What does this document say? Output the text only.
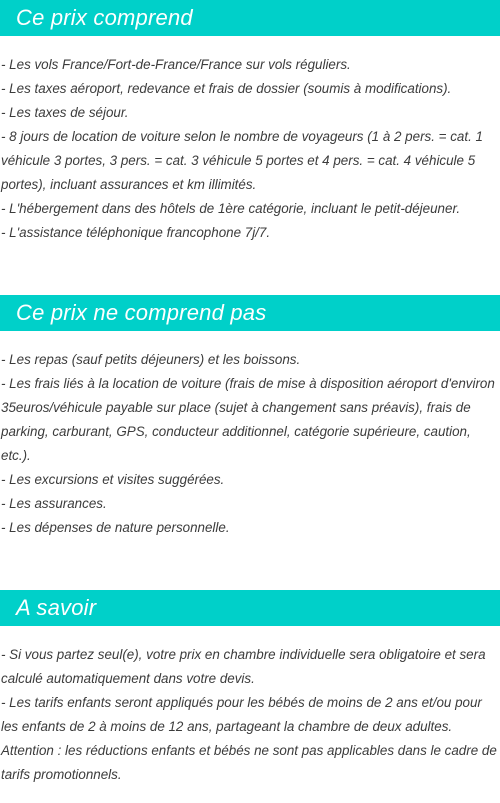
Ce prix comprend
- Les vols France/Fort-de-France/France sur vols réguliers.
- Les taxes aéroport, redevance et frais de dossier (soumis à modifications).
- Les taxes de séjour.
- 8 jours de location de voiture selon le nombre de voyageurs (1 à 2 pers. = cat. 1 véhicule 3 portes, 3 pers. = cat. 3 véhicule 5 portes et 4 pers. = cat. 4 véhicule 5 portes), incluant assurances et km illimités.
- L'hébergement dans des hôtels de 1ère catégorie, incluant le petit-déjeuner.
- L'assistance téléphonique francophone 7j/7.
Ce prix ne comprend pas
- Les repas (sauf petits déjeuners) et les boissons.
- Les frais liés à la location de voiture (frais de mise à disposition aéroport d'environ 35euros/véhicule payable sur place (sujet à changement sans préavis), frais de parking, carburant, GPS, conducteur additionnel, catégorie supérieure, caution, etc.).
- Les excursions et visites suggérées.
- Les assurances.
- Les dépenses de nature personnelle.
A savoir
- Si vous partez seul(e), votre prix en chambre individuelle sera obligatoire et sera calculé automatiquement dans votre devis.
- Les tarifs enfants seront appliqués pour les bébés de moins de 2 ans et/ou pour les enfants de 2 à moins de 12 ans, partageant la chambre de deux adultes.
Attention : les réductions enfants et bébés ne sont pas applicables dans le cadre de tarifs promotionnels.
